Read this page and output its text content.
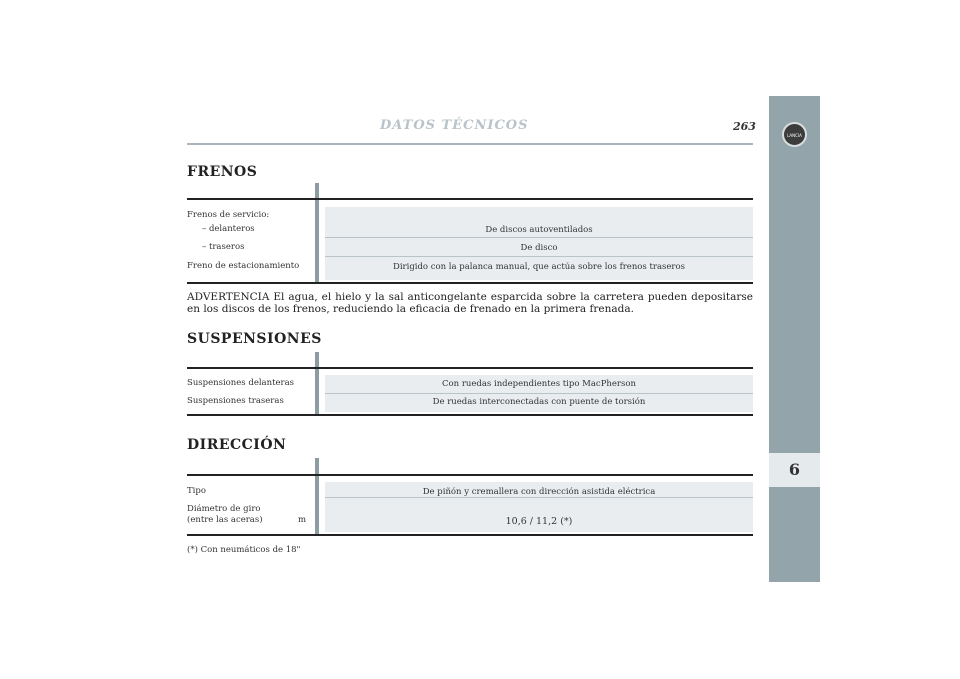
DATOS TÉCNICOS	263
LANCIA
6
FRENOS
Frenos de servicio:
– delanteros
– traseros
Freno de estacionamiento
De discos autoventilados
De disco
Dirigido con la palanca manual, que actúa sobre los frenos traseros
ADVERTENCIA El agua, el hielo y la sal anticongelante esparcida sobre la carretera pueden depositarse en los discos de los frenos, reduciendo la eficacia de frenado en la primera frenada.
SUSPENSIONES
Suspensiones delanteras
Suspensiones traseras
Con ruedas independientes tipo MacPherson
De ruedas interconectadas con puente de torsión
DIRECCIÓN
Tipo
Diámetro de giro
(entre las aceras)	m
De piñón y cremallera con dirección asistida eléctrica
10,6 / 11,2 (*)
(*) Con neumáticos de 18"
